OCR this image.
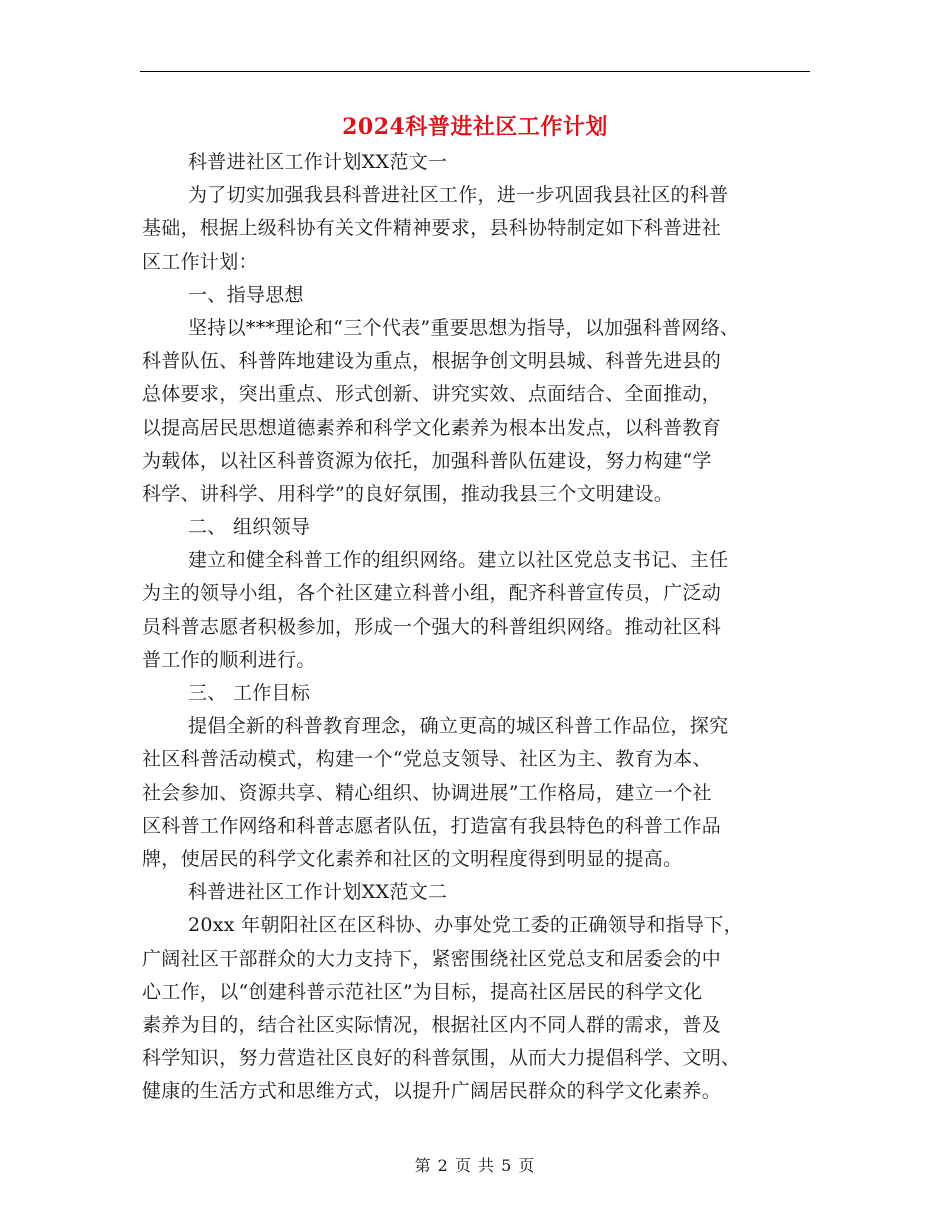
2024科普进社区工作计划
科普进社区工作计划XX范文一
为了切实加强我县科普进社区工作，进一步巩固我县社区的科普
基础，根据上级科协有关文件精神要求，县科协特制定如下科普进社
区工作计划：
一、指导思想
坚持以***理论和“三个代表”重要思想为指导，以加强科普网络、
科普队伍、科普阵地建设为重点，根据争创文明县城、科普先进县的
总体要求，突出重点、形式创新、讲究实效、点面结合、全面推动，
以提高居民思想道德素养和科学文化素养为根本出发点，以科普教育
为载体，以社区科普资源为依托，加强科普队伍建设，努力构建“学
科学、讲科学、用科学”的良好氛围，推动我县三个文明建设。
二、 组织领导
建立和健全科普工作的组织网络。建立以社区党总支书记、主任
为主的领导小组，各个社区建立科普小组，配齐科普宣传员，广泛动
员科普志愿者积极参加，形成一个强大的科普组织网络。推动社区科
普工作的顺利进行。
三、 工作目标
提倡全新的科普教育理念，确立更高的城区科普工作品位，探究
社区科普活动模式，构建一个“党总支领导、社区为主、教育为本、
社会参加、资源共享、精心组织、协调进展”工作格局，建立一个社
区科普工作网络和科普志愿者队伍，打造富有我县特色的科普工作品
牌，使居民的科学文化素养和社区的文明程度得到明显的提高。
科普进社区工作计划XX范文二
20xx 年朝阳社区在区科协、办事处党工委的正确领导和指导下，
广阔社区干部群众的大力支持下，紧密围绕社区党总支和居委会的中
心工作，以“创建科普示范社区”为目标，提高社区居民的科学文化
素养为目的，结合社区实际情况，根据社区内不同人群的需求，普及
科学知识，努力营造社区良好的科普氛围，从而大力提倡科学、文明、
健康的生活方式和思维方式，以提升广阔居民群众的科学文化素养。
第 2 页 共 5 页
